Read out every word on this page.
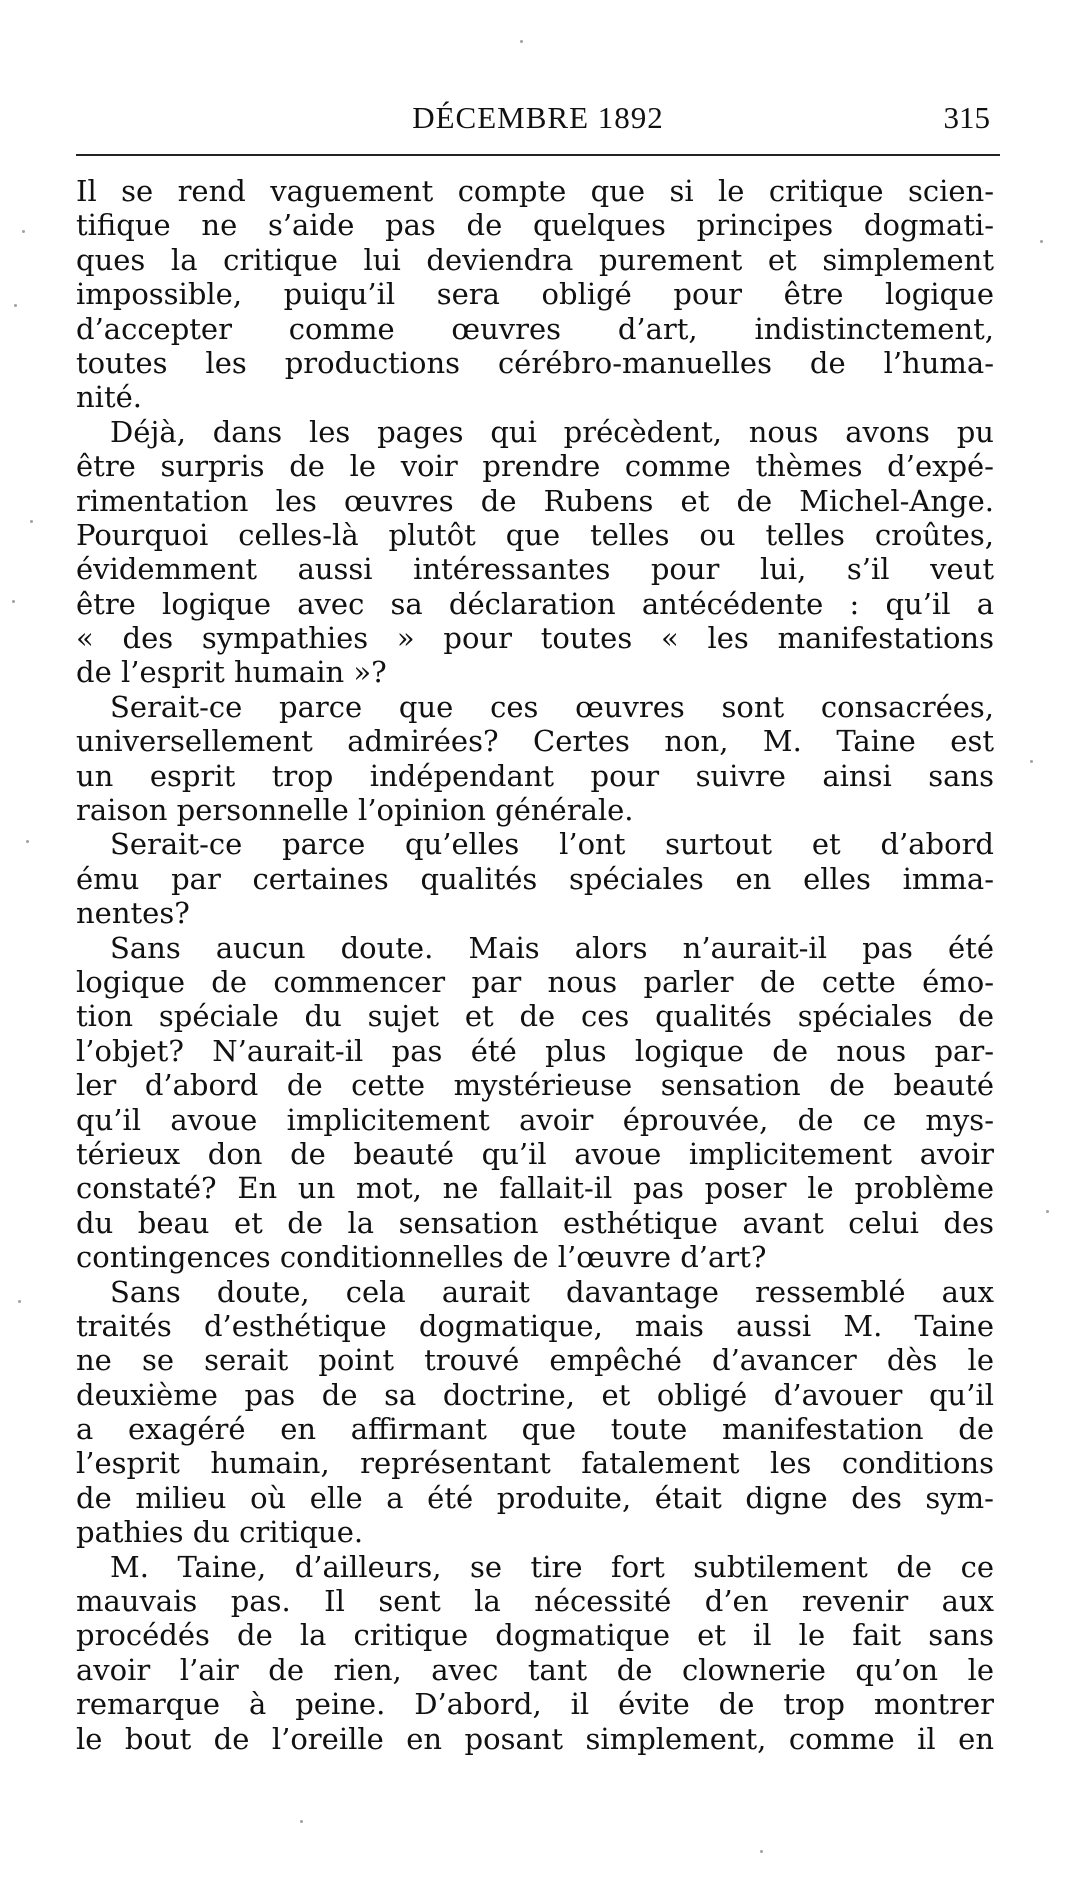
DÉCEMBRE 1892	315
Il se rend vaguement compte que si le critique scien-
tifique ne s’aide pas de quelques principes dogmati-
ques la critique lui deviendra purement et simplement
impossible, puiqu’il sera obligé pour être logique
d’accepter comme œuvres d’art, indistinctement,
toutes les productions cérébro-manuelles de l’huma-
nité.
Déjà, dans les pages qui précèdent, nous avons pu
être surpris de le voir prendre comme thèmes d’expé-
rimentation les œuvres de Rubens et de Michel-Ange.
Pourquoi celles-là plutôt que telles ou telles croûtes,
évidemment aussi intéressantes pour lui, s’il veut
être logique avec sa déclaration antécédente : qu’il a
« des sympathies » pour toutes « les manifestations
de l’esprit humain »?
Serait-ce parce que ces œuvres sont consacrées,
universellement admirées? Certes non, M. Taine est
un esprit trop indépendant pour suivre ainsi sans
raison personnelle l’opinion générale.
Serait-ce parce qu’elles l’ont surtout et d’abord
ému par certaines qualités spéciales en elles imma-
nentes?
Sans aucun doute. Mais alors n’aurait-il pas été
logique de commencer par nous parler de cette émo-
tion spéciale du sujet et de ces qualités spéciales de
l’objet? N’aurait-il pas été plus logique de nous par-
ler d’abord de cette mystérieuse sensation de beauté
qu’il avoue implicitement avoir éprouvée, de ce mys-
térieux don de beauté qu’il avoue implicitement avoir
constaté? En un mot, ne fallait-il pas poser le problème
du beau et de la sensation esthétique avant celui des
contingences conditionnelles de l’œuvre d’art?
Sans doute, cela aurait davantage ressemblé aux
traités d’esthétique dogmatique, mais aussi M. Taine
ne se serait point trouvé empêché d’avancer dès le
deuxième pas de sa doctrine, et obligé d’avouer qu’il
a exagéré en affirmant que toute manifestation de
l’esprit humain, représentant fatalement les conditions
de milieu où elle a été produite, était digne des sym-
pathies du critique.
M. Taine, d’ailleurs, se tire fort subtilement de ce
mauvais pas. Il sent la nécessité d’en revenir aux
procédés de la critique dogmatique et il le fait sans
avoir l’air de rien, avec tant de clownerie qu’on le
remarque à peine. D’abord, il évite de trop montrer
le bout de l’oreille en posant simplement, comme il en
